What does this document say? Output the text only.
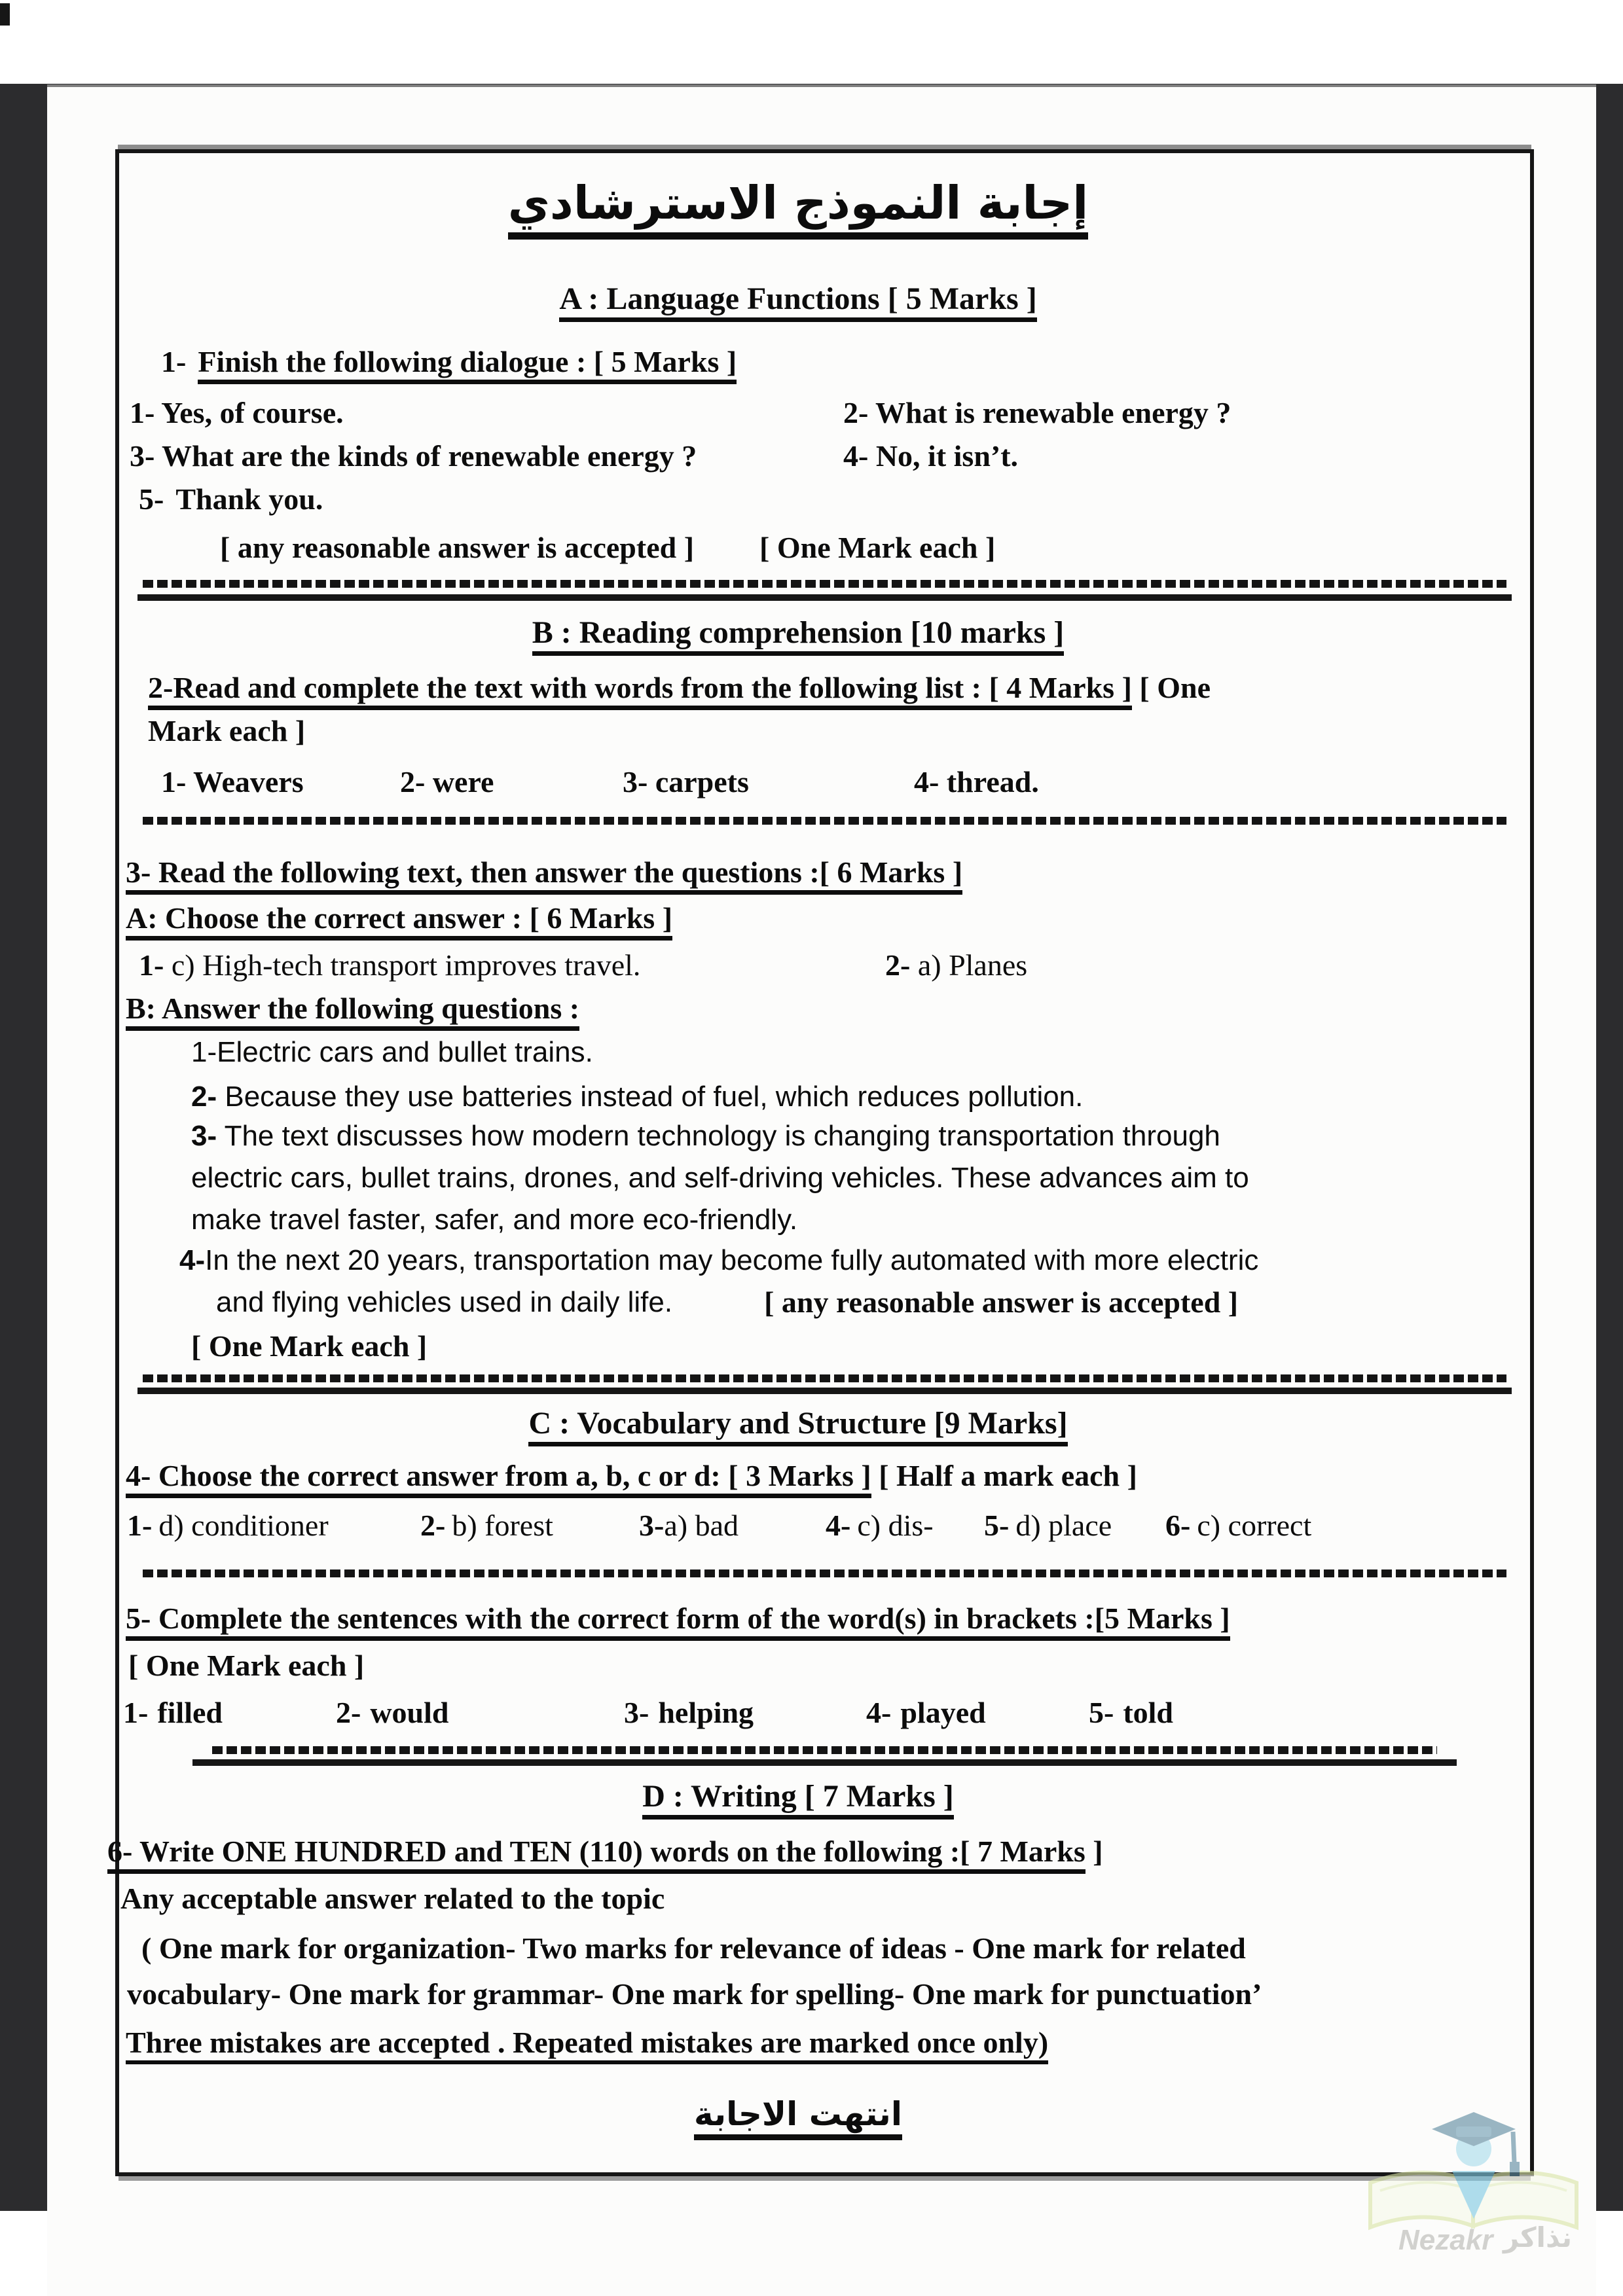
إجابة النموذج الاسترشادي
A : Language Functions [ 5 Marks ]
1- Finish the following dialogue : [ 5 Marks ]
1- Yes, of course.	2- What is renewable energy ?
3- What are the kinds of renewable energy ?	4- No, it isn’t.
5- Thank you.
[ any reasonable answer is accepted ] [ One Mark each ]
B : Reading comprehension [10 marks ]
2-Read and complete the text with words from the following list : [ 4 Marks ] [ One
Mark each ]
1- Weavers	2- were	3- carpets	4- thread.
3- Read the following text, then answer the questions :[ 6 Marks ]
A: Choose the correct answer : [ 6 Marks ]
1- c) High-tech transport improves travel.	2- a) Planes
B: Answer the following questions :
1-Electric cars and bullet trains.
2- Because they use batteries instead of fuel, which reduces pollution.
3- The text discusses how modern technology is changing transportation through
electric cars, bullet trains, drones, and self-driving vehicles. These advances aim to
make travel faster, safer, and more eco-friendly.
4-In the next 20 years, transportation may become fully automated with more electric
and flying vehicles used in daily life.	[ any reasonable answer is accepted ]
[ One Mark each ]
C : Vocabulary and Structure [9 Marks]
4- Choose the correct answer from a, b, c or d: [ 3 Marks ] [ Half a mark each ]
1- d) conditioner	2- b) forest	3-a) bad	4- c) dis-	5- d) place	6- c) correct
5- Complete the sentences with the correct form of the word(s) in brackets :[5 Marks ]
[ One Mark each ]
1- filled	2- would	3- helping	4- played	5- told
D : Writing [ 7 Marks ]
6- Write ONE HUNDRED and TEN (110) words on the following :[ 7 Marks ]
Any acceptable answer related to the topic
( One mark for organization- Two marks for relevance of ideas - One mark for related
vocabulary- One mark for grammar- One mark for spelling- One mark for punctuation’
Three mistakes are accepted . Repeated mistakes are marked once only)
انتهت الاجابة
Nezakr نذاكر
